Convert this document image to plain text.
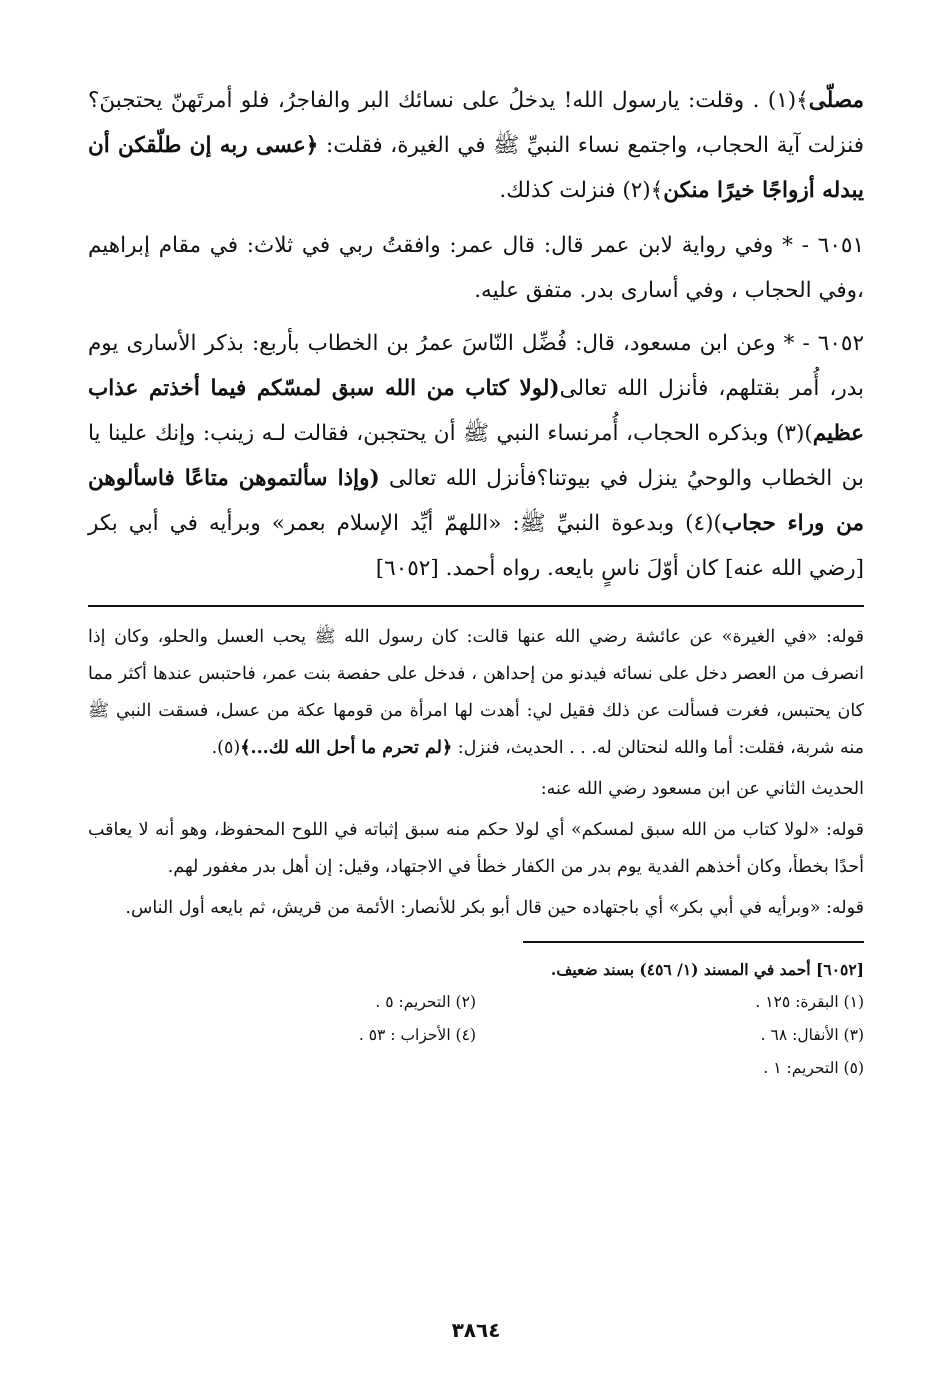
مصلّى﴾(١) . وقلت: يارسول الله! يدخلُ على نسائك البر والفاجرُ، فلو أمرتَهنّ يحتجبنَ؟ فنزلت آية الحجاب، واجتمع نساء النبيِّ ﷺ في الغيرة، فقلت: ﴿عسى ربه إن طلّقكن أن يبدله أزواجًا خيرًا منكن﴾(٢) فنزلت كذلك.

٦٠٥١ - * وفي رواية لابن عمر قال: قال عمر: وافقتُ ربي في ثلاث: في مقام إبراهيم ،وفي الحجاب ، وفي أسارى بدر. متفق عليه.

٦٠٥٢ - * وعن ابن مسعود، قال: فُضِّل النّاسَ عمرُ بن الخطاب بأربع: بذكر الأسارى يوم بدر، أُمر بقتلهم، فأنزل الله تعالى(لولا كتاب من الله سبق لمسّكم فيما أخذتم عذاب عظيم)(٣) وبذكره الحجاب، أُمرنساء النبي ﷺ أن يحتجبن، فقالت لـه زينب: وإنك علينا يا بن الخطاب والوحيُ ينزل في بيوتنا؟فأنزل الله تعالى (وإذا سألتموهن متاعًا فاسألوهن من وراء حجاب)(٤) وبدعوة النبيِّ ﷺ: «اللهمّ أيِّد الإسلام بعمر» وبرأيه في أبي بكر [رضي الله عنه] كان أوّلَ ناسٍ بايعه. رواه أحمد. [٦٠٥٢]

قوله: «في الغيرة» عن عائشة رضي الله عنها قالت: كان رسول الله ﷺ يحب العسل والحلو، وكان إذا انصرف من العصر دخل على نسائه فيدنو من إحداهن ، فدخل على حفصة بنت عمر، فاحتبس عندها أكثر مما كان يحتبس، فغرت فسألت عن ذلك فقيل لي: أهدت لها امرأة من قومها عكة من عسل، فسقت النبي ﷺ منه شربة، فقلت: أما والله لنحتالن له. . . الحديث، فنزل: ﴿لم تحرم ما أحل الله لك...﴾(٥).

الحديث الثاني عن ابن مسعود رضي الله عنه:

قوله: «لولا كتاب من الله سبق لمسكم» أي لولا حكم منه سبق إثباته في اللوح المحفوظ، وهو أنه لا يعاقب أحدًا بخطأ، وكان أخذهم الفدية يوم بدر من الكفار خطأ في الاجتهاد، وقيل: إن أهل بدر مغفور لهم.

قوله: «وبرأيه في أبي بكر» أي باجتهاده حين قال أبو بكر للأنصار: الأئمة من قريش، ثم بايعه أول الناس.

[٦٠٥٢] أحمد في المسند (١/ ٤٥٦) بسند ضعيف.
(١) البقرة: ١٢٥ .
(٢) التحريم: ٥ .
(٣) الأنفال: ٦٨ .
(٤) الأحزاب : ٥٣ .
(٥) التحريم: ١ .
٣٨٦٤
